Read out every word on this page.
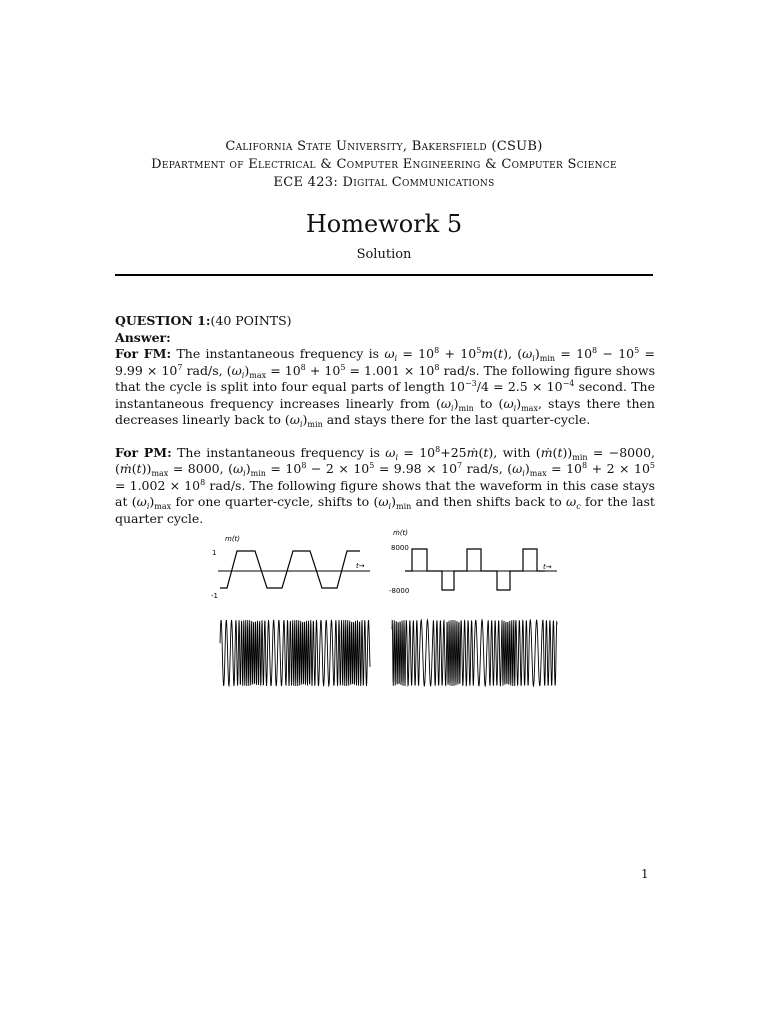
California State University, Bakersfield (CSUB)
Department of Electrical & Computer Engineering & Computer Science
ECE 423: Digital Communications
Homework 5
Solution

QUESTION 1:(40 POINTS)

Answer:

For FM: The instantaneous frequency is $\omega_i = 10^8 + 10^5m(t)$, $(\omega_i)_{min} = 10^8 - 10^5 = 9.99 \times 10^7$ rad/s, $(\omega_i)_{max} = 10^8 + 10^5 = 1.001 \times 10^8$ rad/s. The following figure shows that the cycle is split into four equal parts of length $10^{-3}/4 = 2.5 \times 10^{-4}$ second. The instantaneous frequency increases linearly from $(\omega_i)_{min}$ to $(\omega_i)_{max}$, stays there then decreases linearly back to $(\omega_i)_{min}$ and stays there for the last quarter-cycle.

For PM: The instantaneous frequency is $\omega_i$ = $10^8+25ṁ(t)$, with $(ṁ(t))_{min} = -8000$, $(ṁ(t))_{max} = 8000$, $(\omega_i)_{min} = 10^8 - 2 \times 10^5 = 9.98 \times 10^7$ rad/s, $(\omega_i)_{max} = 10^8 + 2 \times 10^5 = 1.002 \times 10^8$ rad/s. The following figure shows that the waveform in this case stays at $(\omega_i)_{max}$ for one quarter-cycle, shifts to $(\omega_i)_{min}$ and then shifts back to $\omega_c$ for the last quarter cycle.

m(t)
1
-1
t→
ṁ(t)
8000
-8000
t→
1
